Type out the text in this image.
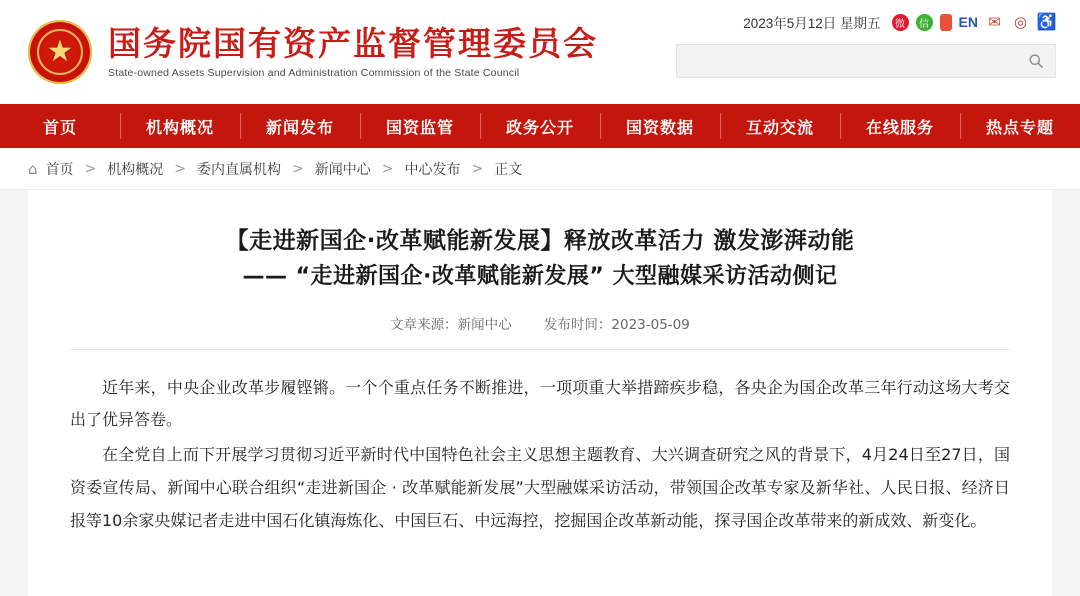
★ 国务院国有资产监督管理委员会
State-owned Assets Supervision and Administration Commission of the State Council
2023年5月12日 星期五	微	信 EN ✉ ◎ ♿
首页	机构概况	新闻发布	国资监管	政务公开	国资数据	互动交流	在线服务	热点专题
⌂ 首页 > 机构概况 > 委内直属机构 > 新闻中心 > 中心发布 > 正文
【走进新国企·改革赋能新发展】释放改革活力 激发澎湃动能
—— “走进新国企·改革赋能新发展” 大型融媒采访活动侧记
文章来源：新闻中心 发布时间：2023-05-09

近年来，中央企业改革步履铿锵。一个个重点任务不断推进，一项项重大举措蹄疾步稳，各央企为国企改革三年行动这场大考交出了优异答卷。

在全党自上而下开展学习贯彻习近平新时代中国特色社会主义思想主题教育、大兴调查研究之风的背景下，4月24日至27日，国资委宣传局、新闻中心联合组织“走进新国企 · 改革赋能新发展”大型融媒采访活动，带领国企改革专家及新华社、人民日报、经济日报等10余家央媒记者走进中国石化镇海炼化、中国巨石、中远海控，挖掘国企改革新动能，探寻国企改革带来的新成效、新变化。
